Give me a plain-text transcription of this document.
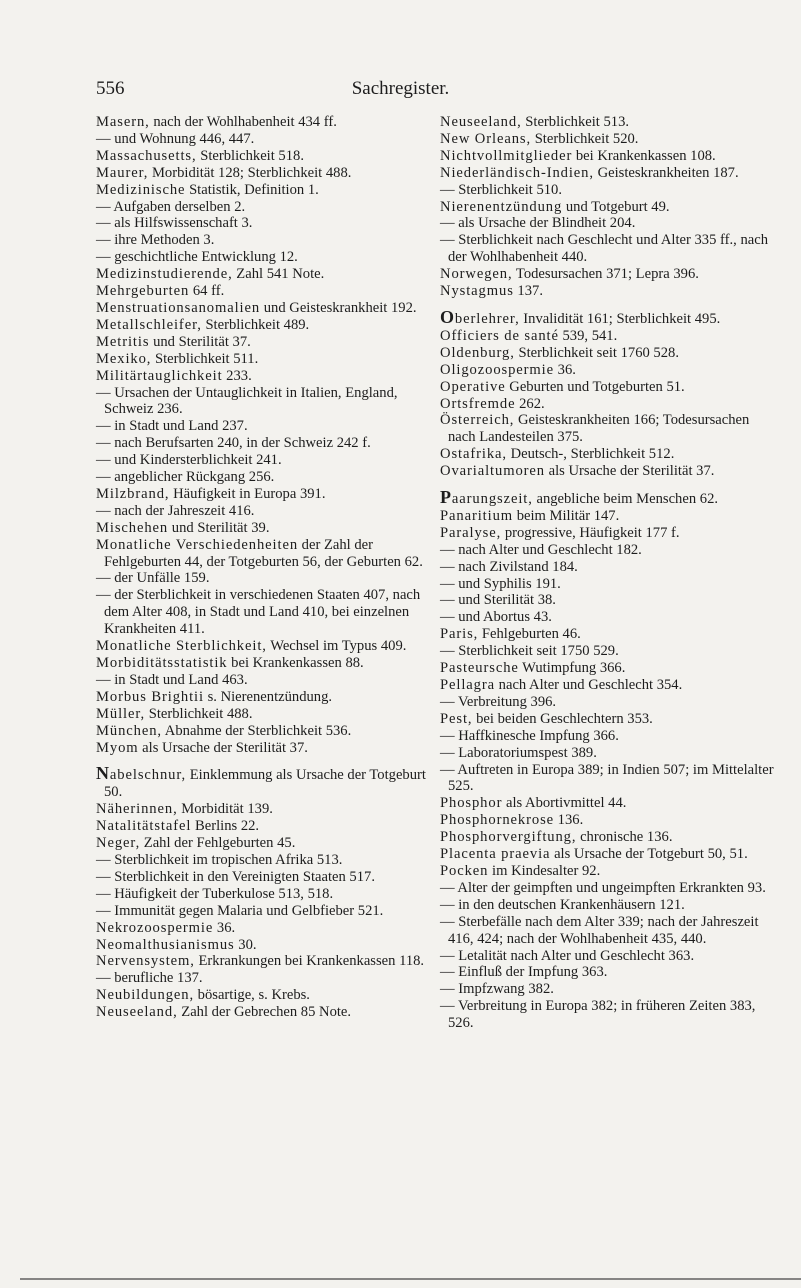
556	Sachregister.

Masern, nach der Wohlhabenheit 434 ff.

— und Wohnung 446, 447.

Massachusetts, Sterblichkeit 518.

Maurer, Morbidität 128; Sterblichkeit 488.

Medizinische Statistik, Definition 1.

— Aufgaben derselben 2.

— als Hilfswissenschaft 3.

— ihre Methoden 3.

— geschichtliche Entwicklung 12.

Medizinstudierende, Zahl 541 Note.

Mehrgeburten 64 ff.

Menstruationsanomalien und Geisteskrankheit 192.

Metallschleifer, Sterblichkeit 489.

Metritis und Sterilität 37.

Mexiko, Sterblichkeit 511.

Militärtauglichkeit 233.

— Ursachen der Untauglichkeit in Italien, England, Schweiz 236.

— in Stadt und Land 237.

— nach Berufsarten 240, in der Schweiz 242 f.

— und Kindersterblichkeit 241.

— angeblicher Rückgang 256.

Milzbrand, Häufigkeit in Europa 391.

— nach der Jahreszeit 416.

Mischehen und Sterilität 39.

Monatliche Verschiedenheiten der Zahl der Fehlgeburten 44, der Totgeburten 56, der Geburten 62.

— der Unfälle 159.

— der Sterblichkeit in verschiedenen Staaten 407, nach dem Alter 408, in Stadt und Land 410, bei einzelnen Krankheiten 411.

Monatliche Sterblichkeit, Wechsel im Typus 409.

Morbiditätsstatistik bei Krankenkassen 88.

— in Stadt und Land 463.

Morbus Brightii s. Nierenentzündung.

Müller, Sterblichkeit 488.

München, Abnahme der Sterblichkeit 536.

Myom als Ursache der Sterilität 37.

Nabelschnur, Einklemmung als Ursache der Totgeburt 50.

Näherinnen, Morbidität 139.

Natalitätstafel Berlins 22.

Neger, Zahl der Fehlgeburten 45.

— Sterblichkeit im tropischen Afrika 513.

— Sterblichkeit in den Vereinigten Staaten 517.

— Häufigkeit der Tuberkulose 513, 518.

— Immunität gegen Malaria und Gelbfieber 521.

Nekrozoospermie 36.

Neomalthusianismus 30.

Nervensystem, Erkrankungen bei Krankenkassen 118.

— berufliche 137.

Neubildungen, bösartige, s. Krebs.

Neuseeland, Zahl der Gebrechen 85 Note.

Neuseeland, Sterblichkeit 513.

New Orleans, Sterblichkeit 520.

Nichtvollmitglieder bei Krankenkassen 108.

Niederländisch-Indien, Geisteskrankheiten 187.

— Sterblichkeit 510.

Nierenentzündung und Totgeburt 49.

— als Ursache der Blindheit 204.

— Sterblichkeit nach Geschlecht und Alter 335 ff., nach der Wohlhabenheit 440.

Norwegen, Todesursachen 371; Lepra 396.

Nystagmus 137.

Oberlehrer, Invalidität 161; Sterblichkeit 495.

Officiers de santé 539, 541.

Oldenburg, Sterblichkeit seit 1760 528.

Oligozoospermie 36.

Operative Geburten und Totgeburten 51.

Ortsfremde 262.

Österreich, Geisteskrankheiten 166; Todesursachen nach Landesteilen 375.

Ostafrika, Deutsch-, Sterblichkeit 512.

Ovarialtumoren als Ursache der Sterilität 37.

Paarungszeit, angebliche beim Menschen 62.

Panaritium beim Militär 147.

Paralyse, progressive, Häufigkeit 177 f.

— nach Alter und Geschlecht 182.

— nach Zivilstand 184.

— und Syphilis 191.

— und Sterilität 38.

— und Abortus 43.

Paris, Fehlgeburten 46.

— Sterblichkeit seit 1750 529.

Pasteursche Wutimpfung 366.

Pellagra nach Alter und Geschlecht 354.

— Verbreitung 396.

Pest, bei beiden Geschlechtern 353.

— Haffkinesche Impfung 366.

— Laboratoriumspest 389.

— Auftreten in Europa 389; in Indien 507; im Mittelalter 525.

Phosphor als Abortivmittel 44.

Phosphornekrose 136.

Phosphorvergiftung, chronische 136.

Placenta praevia als Ursache der Totgeburt 50, 51.

Pocken im Kindesalter 92.

— Alter der geimpften und ungeimpften Erkrankten 93.

— in den deutschen Krankenhäusern 121.

— Sterbefälle nach dem Alter 339; nach der Jahreszeit 416, 424; nach der Wohlhabenheit 435, 440.

— Letalität nach Alter und Geschlecht 363.

— Einfluß der Impfung 363.

— Impfzwang 382.

— Verbreitung in Europa 382; in früheren Zeiten 383, 526.
